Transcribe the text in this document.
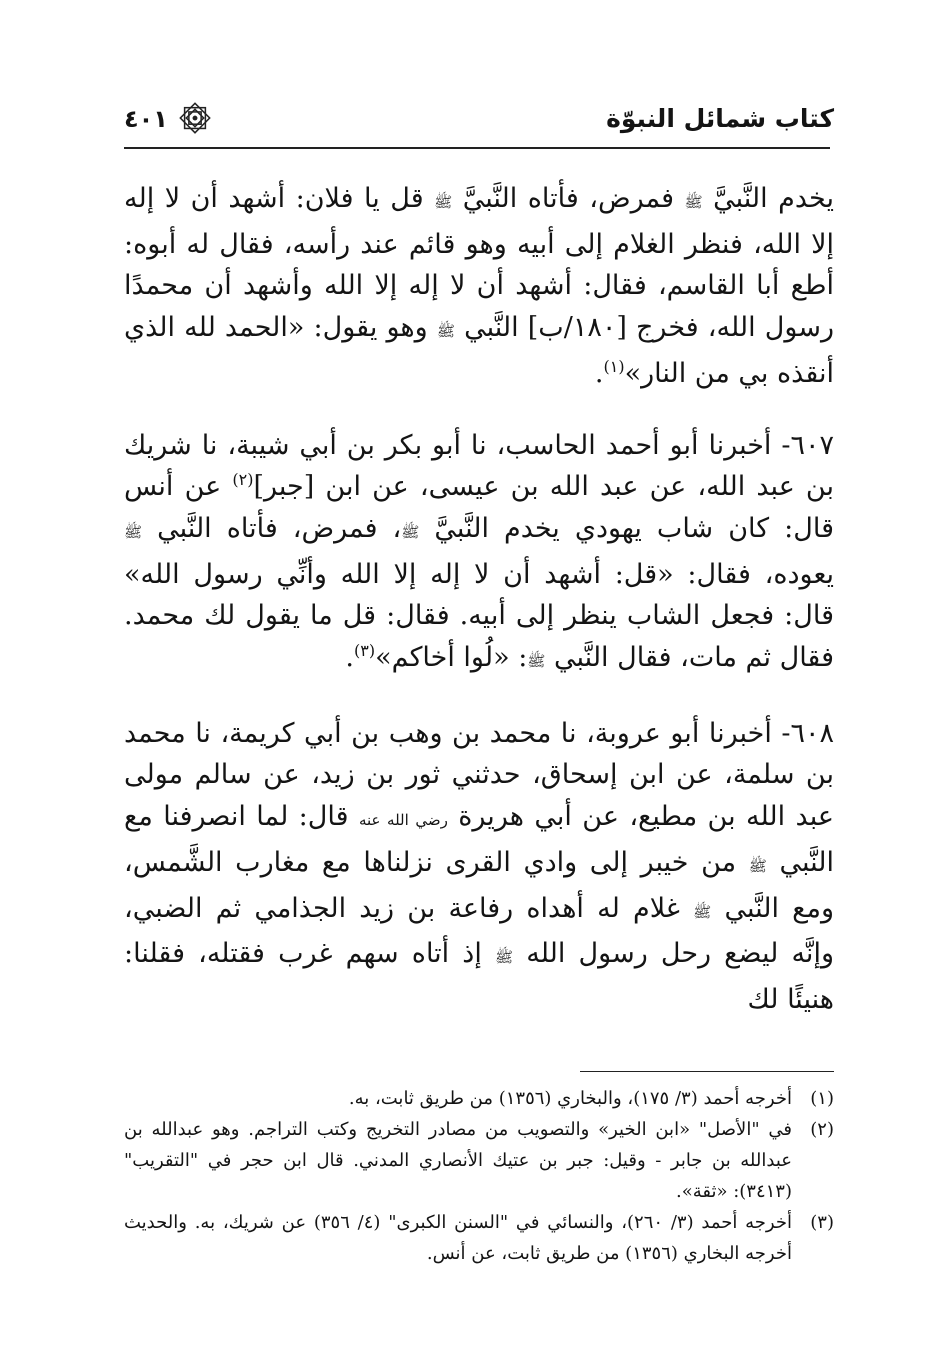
كتاب شمائل النبوّة
٤٠١

يخدم النَّبيَّ ﷺ فمرض، فأتاه النَّبيَّ ﷺ قل يا فلان: أشهد أن لا إله إلا الله، فنظر الغلام إلى أبيه وهو قائم عند رأسه، فقال له أبوه: أطع أبا القاسم، فقال: أشهد أن لا إله إلا الله وأشهد أن محمدًا رسول الله، فخرج [١٨٠/ب] النَّبي ﷺ وهو يقول: «الحمد لله الذي أنقذه بي من النار»$^{(١)}$.

٦٠٧- أخبرنا أبو أحمد الحاسب، نا أبو بكر بن أبي شيبة، نا شريك بن عبد الله، عن عبد الله بن عيسى، عن ابن [جبر]$^{(٢)}$ عن أنس قال: كان شاب يهودي يخدم النَّبيَّ ﷺ، فمرض، فأتاه النَّبي ﷺ يعوده، فقال: «قل: أشهد أن لا إله إلا الله وأنِّي رسول الله» قال: فجعل الشاب ينظر إلى أبيه. فقال: قل ما يقول لك محمد. فقال ثم مات، فقال النَّبي ﷺ: «لُوا أخاكم»$^{(٣)}$.

٦٠٨- أخبرنا أبو عروبة، نا محمد بن وهب بن أبي كريمة، نا محمد بن سلمة، عن ابن إسحاق، حدثني ثور بن زيد، عن سالم مولى عبد الله بن مطيع، عن أبي هريرة رضي الله عنه قال: لما انصرفنا مع النَّبي ﷺ من خيبر إلى وادي القرى نزلناها مع مغارب الشَّمس، ومع النَّبي ﷺ غلام له أهداه رفاعة بن زيد الجذامي ثم الضبي، وإنَّه ليضع رحل رسول الله ﷺ إذ أتاه سهم غرب فقتله، فقلنا: هنيئًا لك

(١)
أخرجه أحمد (٣/ ١٧٥)، والبخاري (١٣٥٦) من طريق ثابت، به.
(٢)
في "الأصل" «ابن الخير» والتصويب من مصادر التخريج وكتب التراجم. وهو عبدالله بن عبدالله بن جابر - وقيل: جبر بن عتيك الأنصاري المدني. قال ابن حجر في "التقريب" (٣٤١٣): «ثقة».
(٣)
أخرجه أحمد (٣/ ٢٦٠)، والنسائي في "السنن الكبرى" (٤/ ٣٥٦) عن شريك، به. والحديث أخرجه البخاري (١٣٥٦) من طريق ثابت، عن أنس.
